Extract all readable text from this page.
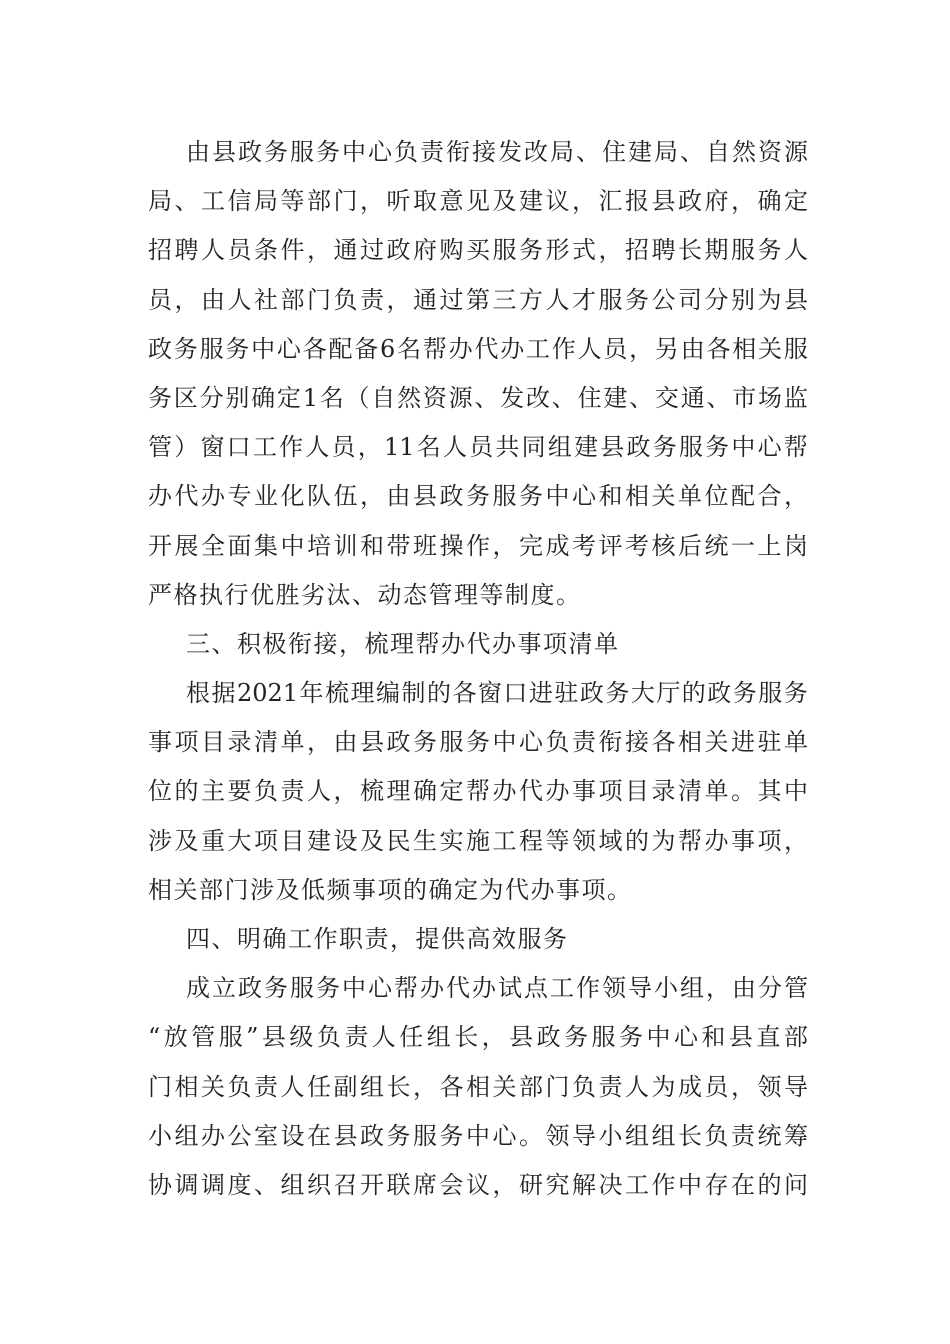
由 县 政 务 服 务 中 心 负 责 衔 接 发 改 局 、 住 建 局 、 自 然 资 源
局 、 工 信 局 等 部 门 ， 听 取 意 见 及 建 议 ， 汇 报 县 政 府 ， 确 定
招 聘 人 员 条 件 ， 通 过 政 府 购 买 服 务 形 式 ， 招 聘 长 期 服 务 人
员 ， 由 人 社 部 门 负 责 ， 通 过 第 三 方 人 才 服 务 公 司 分 别 为 县
政 务 服 务 中 心 各 配 备 6 名 帮 办 代 办 工 作 人 员 ， 另 由 各 相 关 服
务 区 分 别 确 定 1 名 （ 自 然 资 源 、 发 改 、 住 建 、 交 通 、 市 场 监
管 ） 窗 口 工 作 人 员 ， 11 名 人 员 共 同 组 建 县 政 务 服 务 中 心 帮
办 代 办 专 业 化 队 伍 ， 由 县 政 务 服 务 中 心 和 相 关 单 位 配 合 ，
开 展 全 面 集 中 培 训 和 带 班 操 作 ， 完 成 考 评 考 核 后 统 一 上 岗
严格执行优胜劣汰、动态管理等制度。
三、积极衔接，梳理帮办代办事项清单
根 据 2021 年 梳 理 编 制 的 各 窗 口 进 驻 政 务 大 厅 的 政 务 服 务
事 项 目 录 清 单 ， 由 县 政 务 服 务 中 心 负 责 衔 接 各 相 关 进 驻 单
位 的 主 要 负 责 人 ， 梳 理 确 定 帮 办 代 办 事 项 目 录 清 单 。 其 中
涉 及 重 大 项 目 建 设 及 民 生 实 施 工 程 等 领 域 的 为 帮 办 事 项 ，
相关部门涉及低频事项的确定为代办事项。
四、明确工作职责，提供高效服务
成 立 政 务 服 务 中 心 帮 办 代 办 试 点 工 作 领 导 小 组 ， 由 分 管
“ 放 管 服 ” 县 级 负 责 人 任 组 长 ， 县 政 务 服 务 中 心 和 县 直 部
门 相 关 负 责 人 任 副 组 长 ， 各 相 关 部 门 负 责 人 为 成 员 ， 领 导
小 组 办 公 室 设 在 县 政 务 服 务 中 心 。 领 导 小 组 组 长 负 责 统 筹
协 调 调 度 、 组 织 召 开 联 席 会 议 ， 研 究 解 决 工 作 中 存 在 的 问
